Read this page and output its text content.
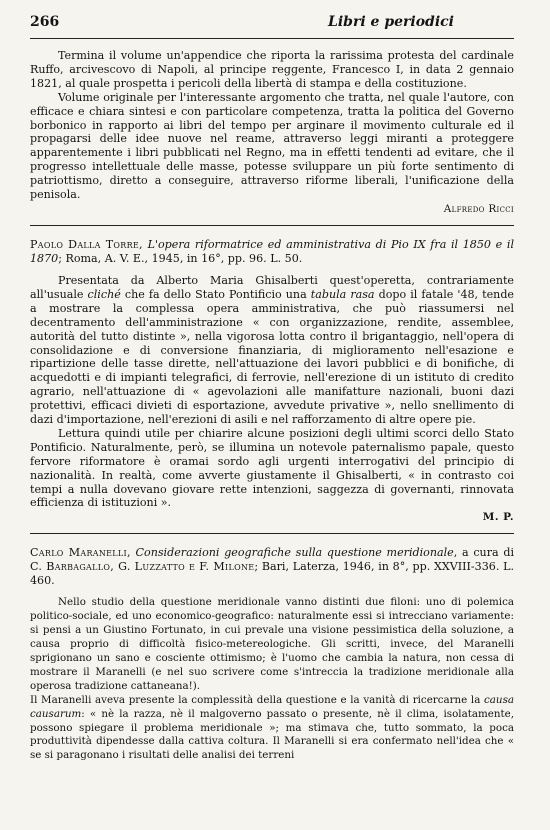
266	Libri e periodici

Termina il volume un'appendice che riporta la rarissima protesta del cardinale Ruffo, arcivescovo di Napoli, al principe reggente, Francesco I, in data 2 gennaio 1821, al quale prospetta i pericoli della libertà di stampa e della costituzione.

Volume originale per l'interessante argomento che tratta, nel quale l'autore, con efficace e chiara sintesi e con particolare competenza, tratta la politica del Governo borbonico in rapporto ai libri del tempo per arginare il movimento culturale ed il propagarsi delle idee nuove nel reame, attraverso leggi miranti a proteggere apparentemente i libri pubblicati nel Regno, ma in effetti tendenti ad evitare, che il progresso intellettuale delle masse, potesse sviluppare un più forte sentimento di patriottismo, diretto a conseguire, attraverso riforme liberali, l'unificazione della penisola.

Alfredo Ricci

Paolo Dalla Torre, L'opera riformatrice ed amministrativa di Pio IX fra il 1850 e il 1870; Roma, A. V. E., 1945, in 16°, pp. 96. L. 50.

Presentata da Alberto Maria Ghisalberti quest'operetta, contrariamente all'usuale cliché che fa dello Stato Pontificio una tabula rasa dopo il fatale '48, tende a mostrare la complessa opera amministrativa, che può riassumersi nel decentramento dell'amministrazione « con organizzazione, rendite, assemblee, autorità del tutto distinte », nella vigorosa lotta contro il brigantaggio, nell'opera di consolidazione e di conversione finanziaria, di miglioramento nell'esazione e ripartizione delle tasse dirette, nell'attuazione dei lavori pubblici e di bonifiche, di acquedotti e di impianti telegrafici, di ferrovie, nell'erezione di un istituto di credito agrario, nell'attuazione di « agevolazioni alle manifatture nazionali, buoni dazi protettivi, efficaci divieti di esportazione, avvedute privative », nello snellimento di dazi d'importazione, nell'erezioni di asili e nel rafforzamento di altre opere pie.

Lettura quindi utile per chiarire alcune posizioni degli ultimi scorci dello Stato Pontificio. Naturalmente, però, se illumina un notevole paternalismo papale, questo fervore riformatore è oramai sordo agli urgenti interrogativi del principio di nazionalità. In realtà, come avverte giustamente il Ghisalberti, « in contrasto coi tempi a nulla dovevano giovare rette intenzioni, saggezza di governanti, rinnovata efficienza di istituzioni ».

M. P.

Carlo Maranelli, Considerazioni geografiche sulla questione meridionale, a cura di C. Barbagallo, G. Luzzatto e F. Milone; Bari, Laterza, 1946, in 8°, pp. XXVIII-336. L. 460.

Nello studio della questione meridionale vanno distinti due filoni: uno di polemica politico-sociale, ed uno economico-geografico: naturalmente essi si intrecciano variamente: si pensi a un Giustino Fortunato, in cui prevale una visione pessimistica della soluzione, a causa proprio di difficoltà fisico-metereologiche. Gli scritti, invece, del Maranelli sprigionano un sano e cosciente ottimismo; è l'uomo che cambia la natura, non cessa di mostrare il Maranelli (e nel suo scrivere come s'intreccia la tradizione meridionale alla operosa tradizione cattaneana!).

Il Maranelli aveva presente la complessità della questione e la vanità di ricercarne la causa causarum: « nè la razza, nè il malgoverno passato o presente, nè il clima, isolatamente, possono spiegare il problema meridionale »; ma stimava che, tutto sommato, la poca produttività dipendesse dalla cattiva coltura. Il Maranelli si era confermato nell'idea che « se si paragonano i risultati delle analisi dei terreni
